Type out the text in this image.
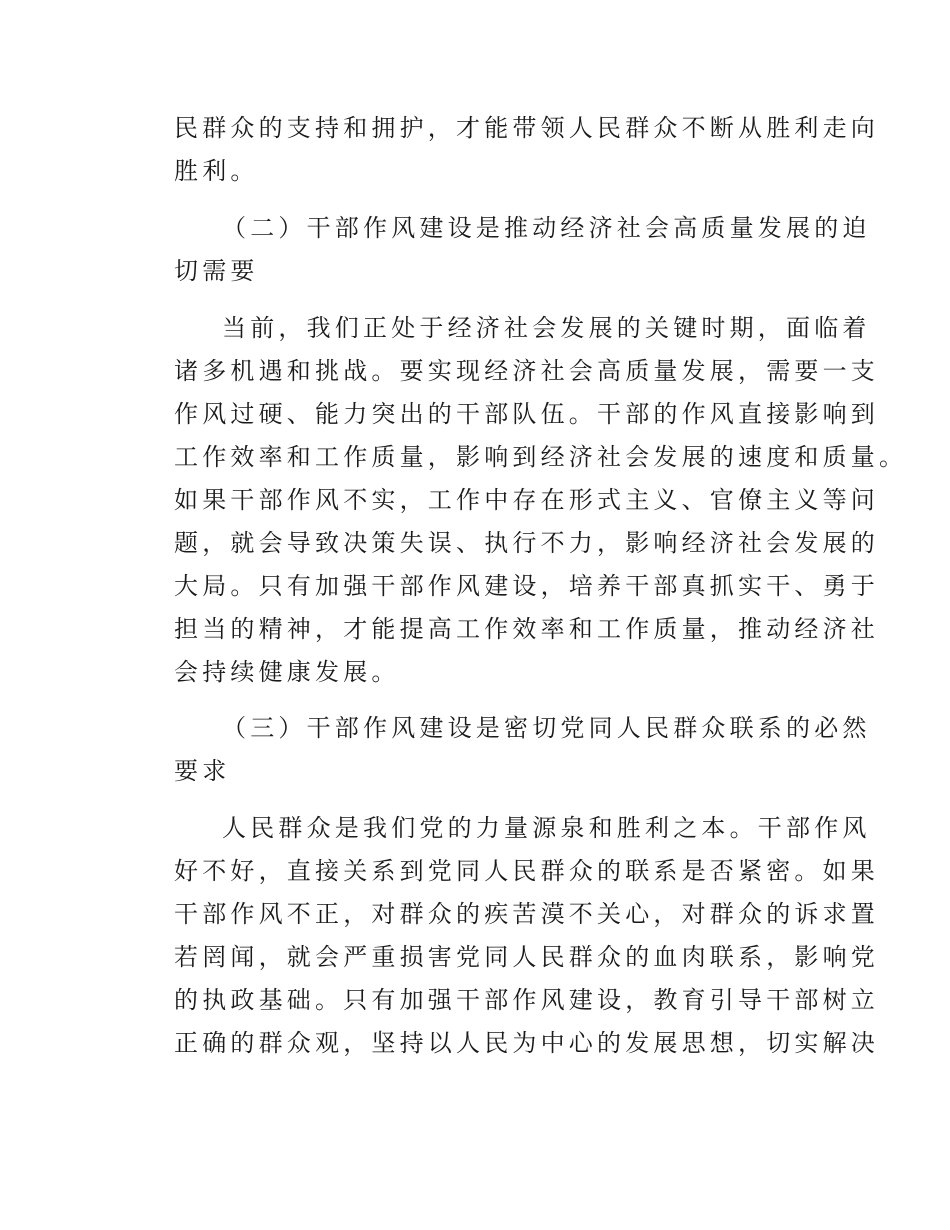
民群众的支持和拥护，才能带领人民群众不断从胜利走向
胜利。
（二）干部作风建设是推动经济社会高质量发展的迫
切需要
当前，我们正处于经济社会发展的关键时期，面临着
诸多机遇和挑战。要实现经济社会高质量发展，需要一支
作风过硬、能力突出的干部队伍。干部的作风直接影响到
工作效率和工作质量，影响到经济社会发展的速度和质量。
如果干部作风不实，工作中存在形式主义、官僚主义等问
题，就会导致决策失误、执行不力，影响经济社会发展的
大局。只有加强干部作风建设，培养干部真抓实干、勇于
担当的精神，才能提高工作效率和工作质量，推动经济社
会持续健康发展。
（三）干部作风建设是密切党同人民群众联系的必然
要求
人民群众是我们党的力量源泉和胜利之本。干部作风
好不好，直接关系到党同人民群众的联系是否紧密。如果
干部作风不正，对群众的疾苦漠不关心，对群众的诉求置
若罔闻，就会严重损害党同人民群众的血肉联系，影响党
的执政基础。只有加强干部作风建设，教育引导干部树立
正确的群众观，坚持以人民为中心的发展思想，切实解决
